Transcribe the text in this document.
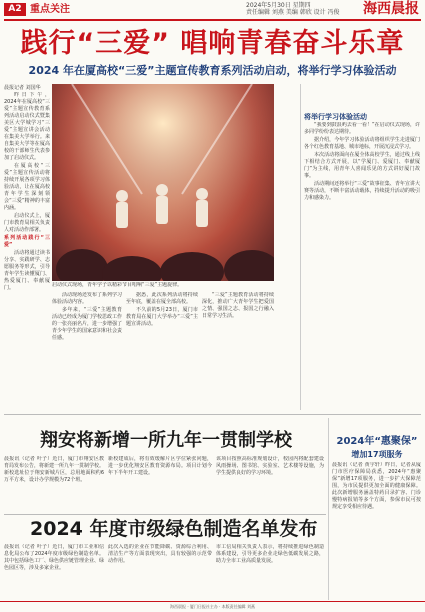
A2 重点关注	2024年5月30日 星期四
责任编辑 刘燕 美编 韩欣 设计 冯俊 海西晨报
践行“三爱” 唱响青春奋斗乐章
2024 年在厦高校“三爱”主题宣传教育系列活动启动，将举行学习体验活动
晨报记者 刘国华

昨日下午，2024年在厦高校“三爱”主题宣传教育系列活动启动仪式暨集美区大学城学习“三爱”主题宣讲会活动在集美大学举行。来自集美大学等在厦高校的干部师生代表参加了启动仪式。

在厦高校“三爱”主题宣传活动将持续开展各项学习体验活动，让在厦高校青年学生深刻领会“三爱”精神的丰富内涵。

启动仪式上，厦门市教育局相关负责人对活动作部署。

系列活动践行“三爱”

活动将通过读书分享、实践研学、志愿服务等形式，引导青年学生读懂厦门、热爱厦门、奉献厦门。	启动仪式现场，青年学子以精彩节目唱响“三爱”主题旋律。

活动现场还发布了系列学习体验活动内容。

多年来，“三爱”主题教育活动已经成为厦门学校思政工作的一张亮丽名片，进一步增强了青少年学生的国家意识和社会责任感。

据悉，此次系列活动将持续至年底，覆盖在厦全部高校。

不久前的5月23日，厦门市教育局在厦门大学举办“三爱”主题宣讲活动。

“三爱”主题教育活动将持续深化，推动广大青年学生把爱国之情、强国之志、报国之行融入日常学习生活。

将举行学习体验活动

“我要到鼓浪屿去看一看！”在启动仪式现场，许多同学纷纷表达期待。

据介绍，今年学习体验活动将组织学生走进厦门各个红色教育基地、城市地标，开展沉浸式学习。

本次活动将面向在厦全体高校学生，通过线上线下相结合方式开展，以“学厦门、爱厦门、奉献厦门”为主线，用青年人喜闻乐见的方式讲好厦门故事。

活动期间还将举行“三爱”故事征集、青年宣讲大赛等活动，不断丰富活动载体，持续提升活动的吸引力和感染力。

翔安将新增一所九年一贯制学校
晨报讯（记者 叶子）近日，厦门市翔安区教育局发布公告，将新建一所九年一贯制学校。新校选址位于翔安新城片区，总用地面积约6万平方米，设计办学规模为72个班。
新校建成后，将有效缓解片区学位紧张问题，进一步优化翔安区教育资源布局。项目计划今年下半年开工建设。
该项目按照高标准规划设计，校园内将配套建设风雨操场、图书馆、实验室、艺术楼等设施，为学生提供良好的学习环境。
2024 年度市级绿色制造名单发布
晨报讯（记者 叶子）近日，厦门市工业和信息化局公布了2024年度市级绿色制造名单。其中包括绿色工厂、绿色供应链管理企业、绿色园区等，涉及多家企业。
此次入选的企业在节能降碳、资源综合利用、清洁生产等方面表现突出，具有较强的示范带动作用。
市工信局相关负责人表示，将持续推进绿色制造体系建设，引导更多企业走绿色低碳发展之路，助力全市工业高质量发展。
2024年“惠聚保”
增加17项服务
晨报讯（记者 黄宇轩）昨日，记者从厦门市医疗保障局获悉，2024年“惠聚保”新增17项服务，进一步扩大保障范围，为市民提供更加全面的健康保障。此次新增服务涵盖特药目录扩容、门诊慢特病报销等多个方面，参保市民可按规定享受相应待遇。
海西晨报 · 厦门日报社主办 · 本版责任编辑 刘燕
